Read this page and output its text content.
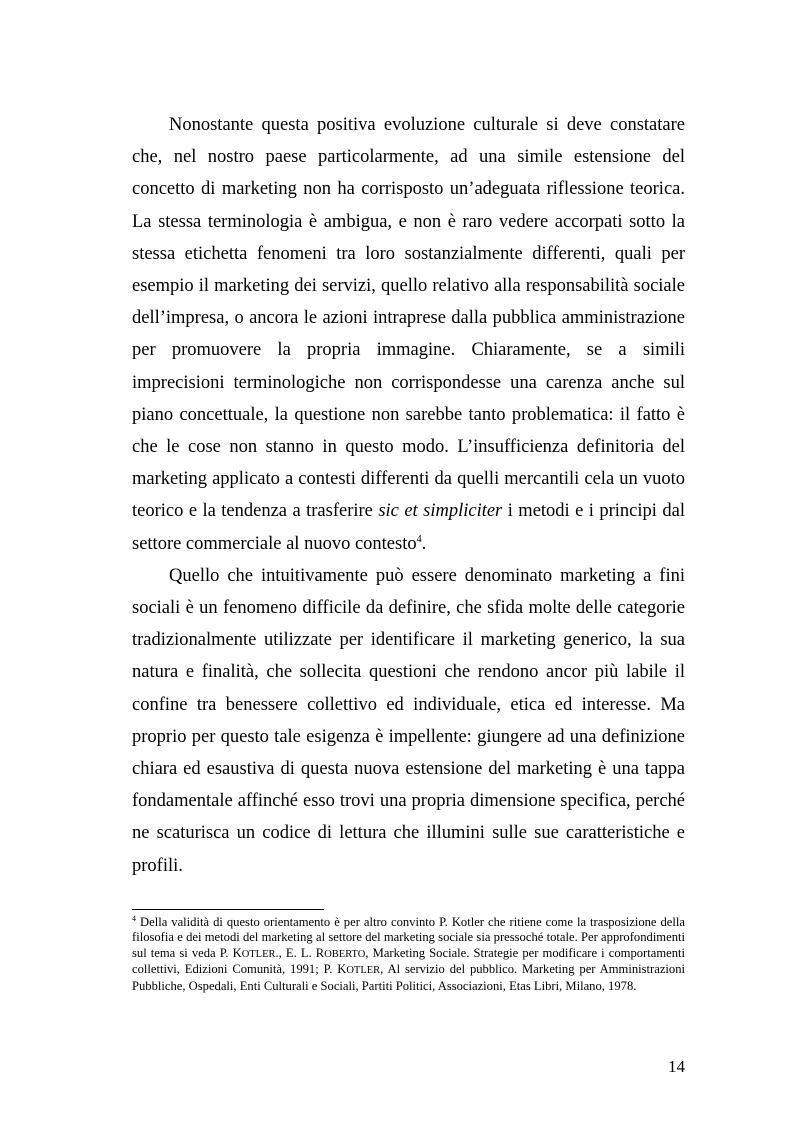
Nonostante questa positiva evoluzione culturale si deve constatare che, nel nostro paese particolarmente, ad una simile estensione del concetto di marketing non ha corrisposto un’adeguata riflessione teorica. La stessa terminologia è ambigua, e non è raro vedere accorpati sotto la stessa etichetta fenomeni tra loro sostanzialmente differenti, quali per esempio il marketing dei servizi, quello relativo alla responsabilità sociale dell’impresa, o ancora le azioni intraprese dalla pubblica amministrazione per promuovere la propria immagine. Chiaramente, se a simili imprecisioni terminologiche non corrispondesse una carenza anche sul piano concettuale, la questione non sarebbe tanto problematica: il fatto è che le cose non stanno in questo modo. L’insufficienza definitoria del marketing applicato a contesti differenti da quelli mercantili cela un vuoto teorico e la tendenza a trasferire sic et simpliciter i metodi e i principi dal settore commerciale al nuovo contesto$^4$.

Quello che intuitivamente può essere denominato marketing a fini sociali è un fenomeno difficile da definire, che sfida molte delle categorie tradizionalmente utilizzate per identificare il marketing generico, la sua natura e finalità, che sollecita questioni che rendono ancor più labile il confine tra benessere collettivo ed individuale, etica ed interesse. Ma proprio per questo tale esigenza è impellente: giungere ad una definizione chiara ed esaustiva di questa nuova estensione del marketing è una tappa fondamentale affinché esso trovi una propria dimensione specifica, perché ne scaturisca un codice di lettura che illumini sulle sue caratteristiche e profili.

$^4$ Della validità di questo orientamento è per altro convinto P. Kotler che ritiene come la trasposizione della filosofia e dei metodi del marketing al settore del marketing sociale sia pressoché totale. Per approfondimenti sul tema si veda P. KOTLER., E. L. ROBERTO, Marketing Sociale. Strategie per modificare i comportamenti collettivi, Edizioni Comunità, 1991; P. KOTLER, Al servizio del pubblico. Marketing per Amministrazioni Pubbliche, Ospedali, Enti Culturali e Sociali, Partiti Politici, Associazioni, Etas Libri, Milano, 1978.

14
